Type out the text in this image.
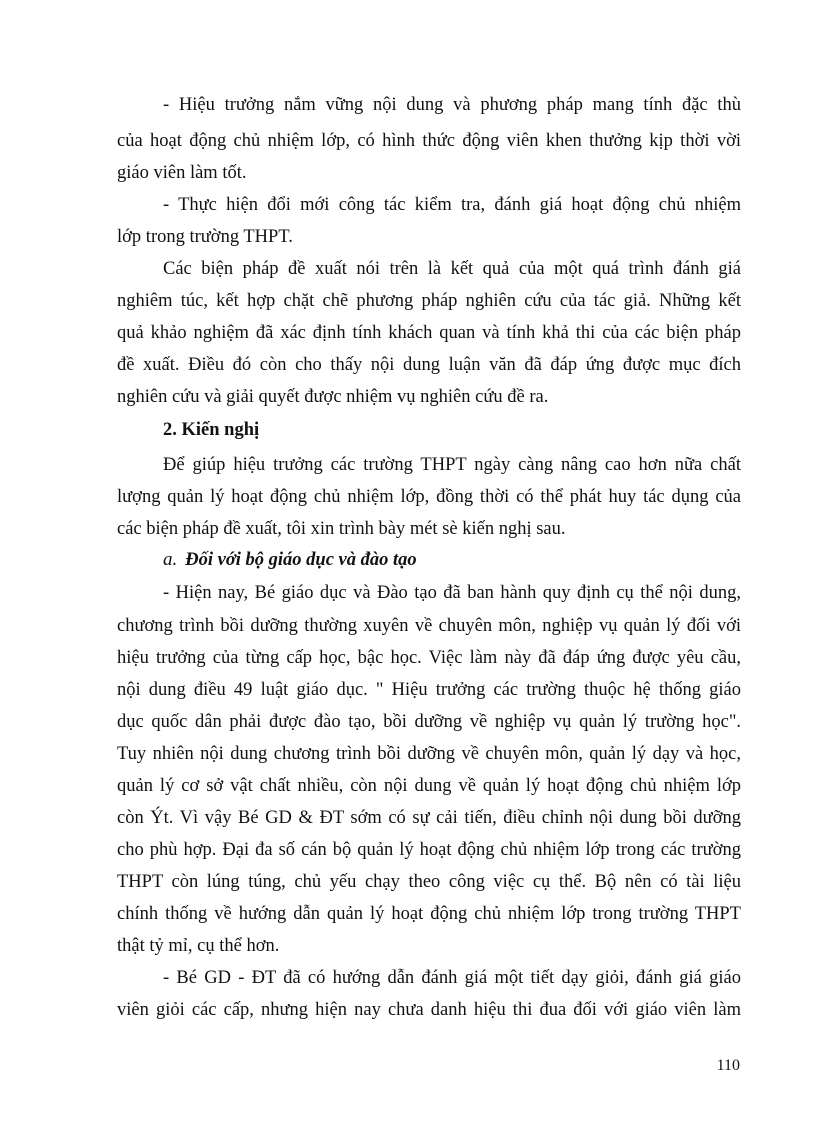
- Hiệu trưởng nắm vững nội dung và phương pháp mang tính đặc thù
của hoạt động chủ nhiệm lớp, có hình thức động viên khen thưởng kịp thời vời
giáo viên làm tốt.
- Thực hiện đổi mới công tác kiểm tra, đánh giá hoạt động chủ nhiệm
lớp trong trường THPT.
Các biện pháp đề xuất nói trên là kết quả của một quá trình đánh giá
nghiêm túc, kết hợp chặt chẽ phương pháp nghiên cứu của tác giả. Những kết
quả khảo nghiệm đã xác định tính khách quan và tính khả thi của các biện pháp
đề xuất. Điều đó còn cho thấy nội dung luận văn đã đáp ứng được mục đích
nghiên cứu và giải quyết được nhiệm vụ nghiên cứu đề ra.
2. Kiến nghị
Để giúp hiệu trưởng các trường THPT ngày càng nâng cao hơn nữa chất
lượng quản lý hoạt động chủ nhiệm lớp, đồng thời có thể phát huy tác dụng của
các biện pháp đề xuất, tôi xin trình bày mét sè kiến nghị sau.
a. Đối với bộ giáo dục và đào tạo
- Hiện nay, Bé giáo dục và Đào tạo đã ban hành quy định cụ thể nội dung,
chương trình bồi dưỡng thường xuyên về chuyên môn, nghiệp vụ quản lý đối với
hiệu trưởng của từng cấp học, bậc học. Việc làm này đã đáp ứng được yêu cầu,
nội dung điều 49 luật giáo dục. " Hiệu trưởng các trường thuộc hệ thống giáo
dục quốc dân phải được đào tạo, bồi dưỡng về nghiệp vụ quản lý trường học".
Tuy nhiên nội dung chương trình bồi dưỡng về chuyên môn, quản lý dạy và học,
quản lý cơ sở vật chất nhiều, còn nội dung về quản lý hoạt động chủ nhiệm lớp
còn Ýt. Vì vậy Bé GD & ĐT sớm có sự cải tiến, điều chỉnh nội dung bồi dưỡng
cho phù hợp. Đại đa số cán bộ quản lý hoạt động chủ nhiệm lớp trong các trường
THPT còn lúng túng, chủ yếu chạy theo công việc cụ thể. Bộ nên có tài liệu
chính thống về hướng dẫn quản lý hoạt động chủ nhiệm lớp trong trường THPT
thật tỷ mỉ, cụ thể hơn.
- Bé GD - ĐT đã có hướng dẫn đánh giá một tiết dạy giỏi, đánh giá giáo
viên giỏi các cấp, nhưng hiện nay chưa danh hiệu thi đua đối với giáo viên làm
110
